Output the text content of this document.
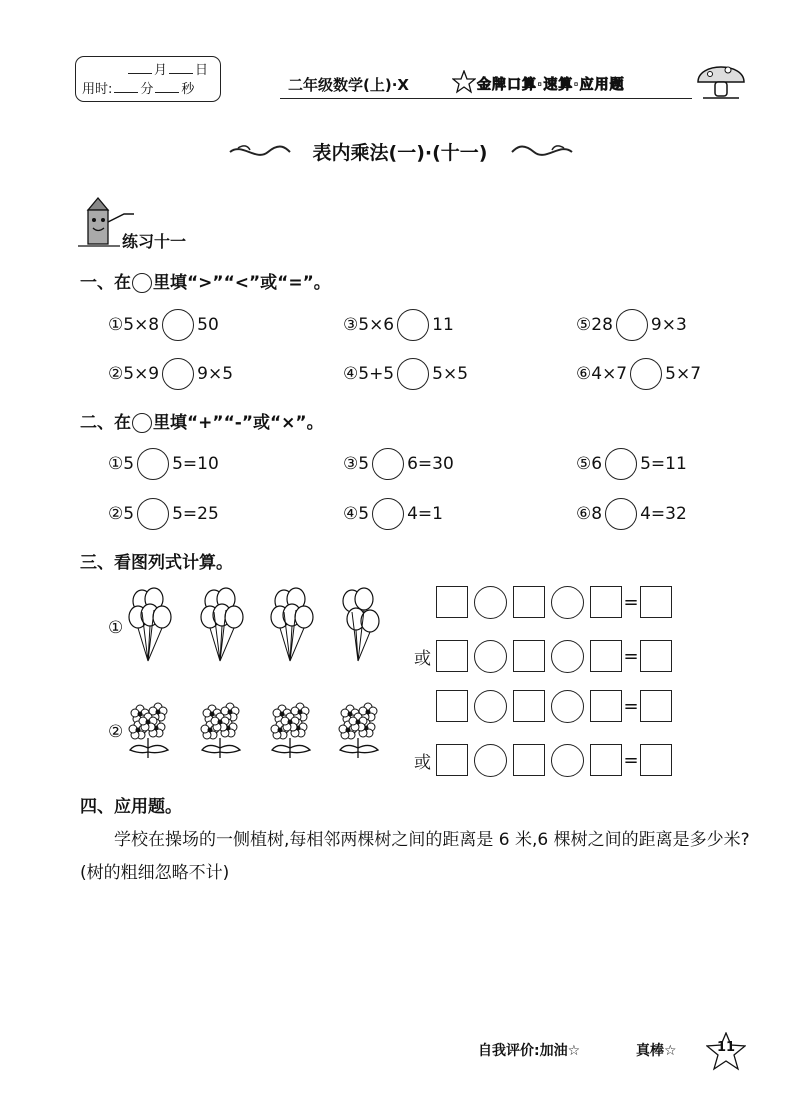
月 日
用时: 分 秒	二年级数学(上)·X	金牌口算·速算·应用题
表内乘法(一)·(十一)
练习十一
一、在 里填“>”“<”或“=”。
① 5×8 50
② 5×9 9×5
③ 5×6 11
④ 5+5 5×5
⑤ 28 9×3
⑥ 4×7 5×7
二、在 里填“+”“-”或“×”。
① 5 5=10
② 5 5=25
③ 5 6=30
④ 5 4=1
⑤ 6 5=11
⑥ 8 4=32
三、看图列式计算。
①
②
=
或	=
=
或	=
四、应用题。
学校在操场的一侧植树,每相邻两棵树之间的距离是 6 米,6 棵树之间的距离是多少米?(树的粗细忽略不计)
自我评价:加油☆	真棒☆	11
